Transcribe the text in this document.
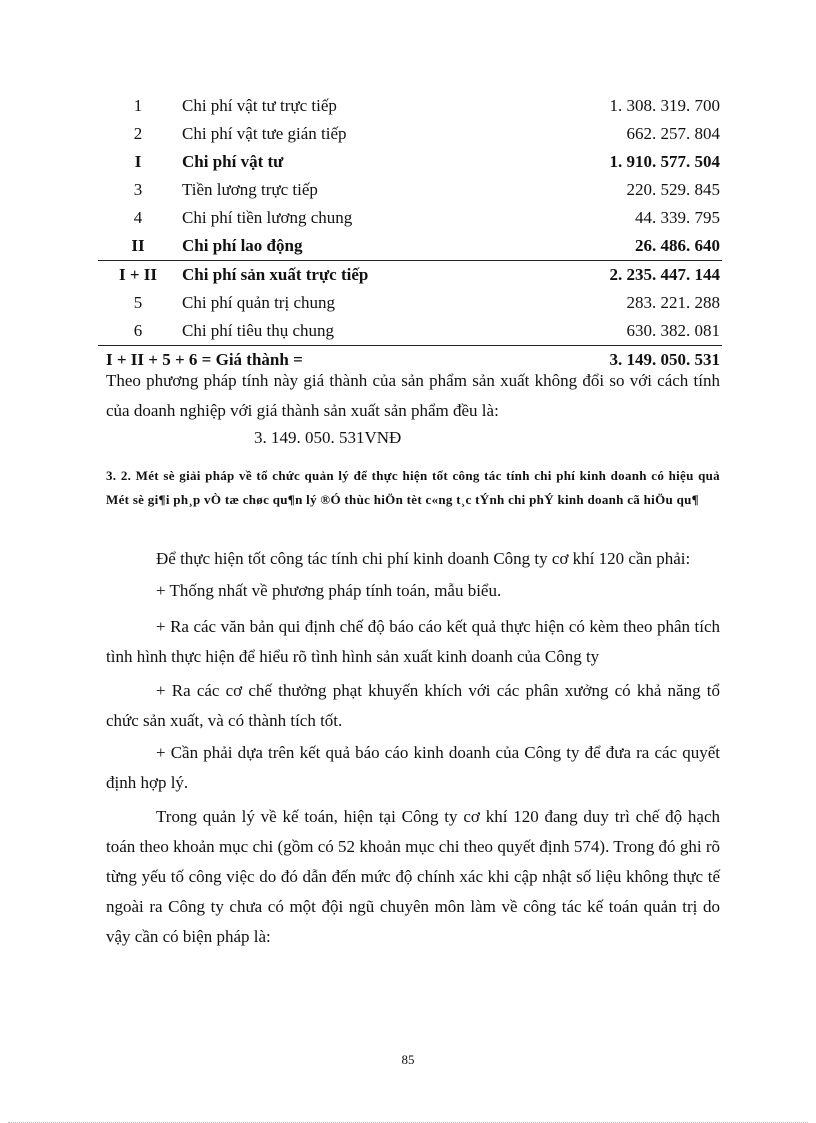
1	Chi phí vật tư trực tiếp	1. 308. 319. 700
2	Chi phí vật tưe gián tiếp	662. 257. 804
I	Chi phí vật tư	1. 910. 577. 504
3	Tiền lương trực tiếp	220. 529. 845
4	Chi phí tiền lương chung	44. 339. 795
II	Chi phí lao động	26. 486. 640
I + II	Chi phí sản xuất trực tiếp	2. 235. 447. 144
5	Chi phí quản trị chung	283. 221. 288
6	Chi phí tiêu thụ chung	630. 382. 081
I + II + 5 + 6 = Giá thành =		3. 149. 050. 531

Theo phương pháp tính này giá thành của sản phẩm sản xuất không đổi so với cách tính của doanh nghiệp với giá thành sản xuất sản phẩm đều là:

3. 149. 050. 531VNĐ

3. 2. Mét sè giải pháp về tổ chức quản lý để thực hiện tốt công tác tính chi phí kinh doanh có hiệu quả Mét sè gi¶i ph¸p vÒ tæ chøc qu¶n lý ®Ó thùc hiÖn tèt c«ng t¸c tÝnh chi phÝ kinh doanh cã hiÖu qu¶

Để thực hiện tốt công tác tính chi phí kinh doanh Công ty cơ khí 120 cần phải:

+ Thống nhất về phương pháp tính toán, mẫu biểu.

+ Ra các văn bản qui định chế độ báo cáo kết quả thực hiện có kèm theo phân tích tình hình thực hiện để hiểu rõ tình hình sản xuất kinh doanh của Công ty

+ Ra các cơ chế thưởng phạt khuyến khích với các phân xưởng có khả năng tổ chức sản xuất, và có thành tích tốt.

+ Cần phải dựa trên kết quả báo cáo kinh doanh của Công ty để đưa ra các quyết định hợp lý.

Trong quản lý về kế toán, hiện tại Công ty cơ khí 120 đang duy trì chế độ hạch toán theo khoản mục chi (gồm có 52 khoản mục chi theo quyết định 574). Trong đó ghi rõ từng yếu tố công việc do đó dẫn đến mức độ chính xác khi cập nhật số liệu không thực tế ngoài ra Công ty chưa có một đội ngũ chuyên môn làm về công tác kế toán quản trị do vậy cần có biện pháp là:

85
